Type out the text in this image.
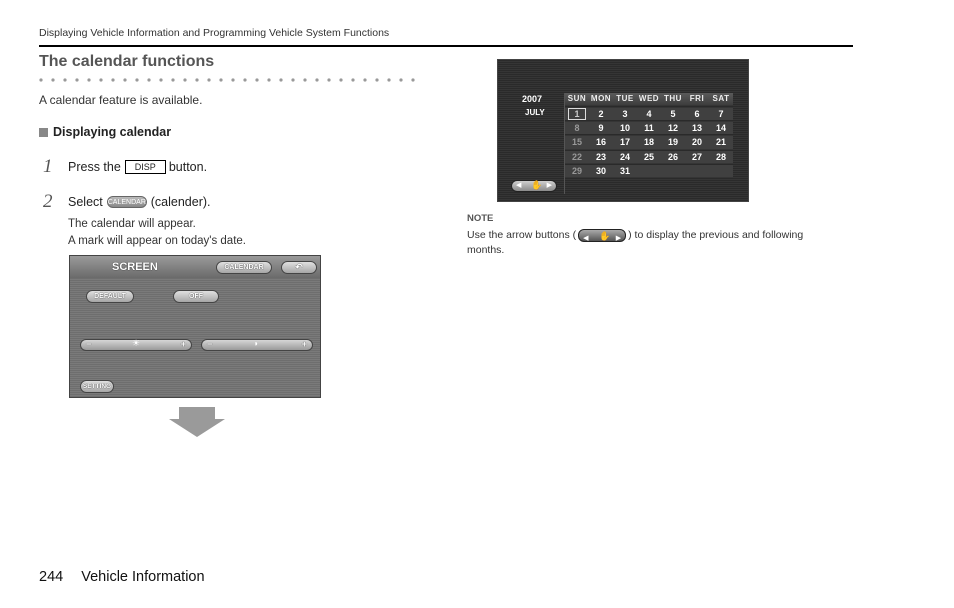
Displaying Vehicle Information and Programming Vehicle System Functions
The calendar functions
A calendar feature is available.
Displaying calendar
1 Press the	DISP	button.
2 Select CALENDAR (calender).
The calendar will appear.
A mark will appear on today's date.
SCREEN	CALENDAR	↶
DEFAULT	OFF
−	☀	+ −	◑	+
SETTING
2007
JULY
SUN MON TUE WED THU FRI	SAT
1	2	3	4	5	6	7
8	9	10	11	12	13	14
15	16	17	18	19	20	21
22	23	24	25	26	27	28
29	30	31
◀ ✋ ▶
NOTE
Use the arrow buttons ( ◀ ✋ ▶ ) to display the previous and following months.
244 Vehicle Information
